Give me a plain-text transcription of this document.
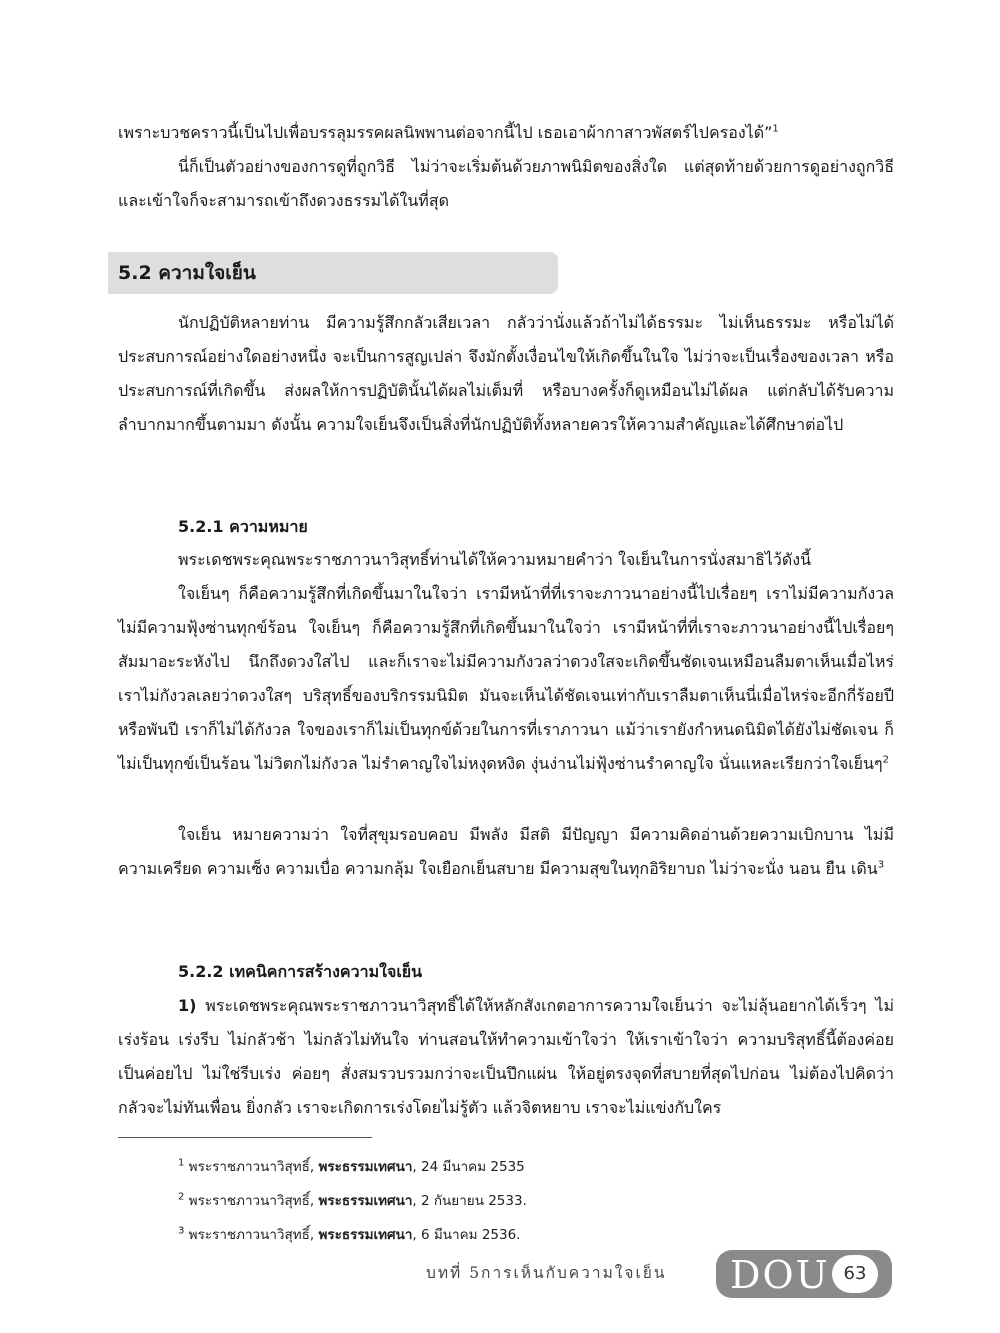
เพราะบวชคราวนี้เป็นไปเพื่อบรรลุมรรคผลนิพพานต่อจากนี้ไป เธอเอาผ้ากาสาวพัสตร์ไปครองได้”$^1$

นี่ก็เป็นตัวอย่างของการดูที่ถูกวิธี ไม่ว่าจะเริ่มต้นด้วยภาพนิมิตของสิ่งใด แต่สุดท้ายด้วยการดูอย่างถูกวิธีและเข้าใจก็จะสามารถเข้าถึงดวงธรรมได้ในที่สุด

5.2 ความใจเย็น

นักปฏิบัติหลายท่าน มีความรู้สึกกลัวเสียเวลา กลัวว่านั่งแล้วถ้าไม่ได้ธรรมะ ไม่เห็นธรรมะ หรือไม่ได้ประสบการณ์อย่างใดอย่างหนึ่ง จะเป็นการสูญเปล่า จึงมักตั้งเงื่อนไขให้เกิดขึ้นในใจ ไม่ว่าจะเป็นเรื่องของเวลา หรือประสบการณ์ที่เกิดขึ้น ส่งผลให้การปฏิบัตินั้นได้ผลไม่เต็มที่ หรือบางครั้งก็ดูเหมือนไม่ได้ผล แต่กลับได้รับความลำบากมากขึ้นตามมา ดังนั้น ความใจเย็นจึงเป็นสิ่งที่นักปฏิบัติทั้งหลายควรให้ความสำคัญและได้ศึกษาต่อไป

5.2.1 ความหมาย

พระเดชพระคุณพระราชภาวนาวิสุทธิ์ท่านได้ให้ความหมายคำว่า ใจเย็นในการนั่งสมาธิไว้ดังนี้

ใจเย็นๆ ก็คือความรู้สึกที่เกิดขึ้นมาในใจว่า เรามีหน้าที่ที่เราจะภาวนาอย่างนี้ไปเรื่อยๆ เราไม่มีความกังวล ไม่มีความฟุ้งซ่านทุกข์ร้อน ใจเย็นๆ ก็คือความรู้สึกที่เกิดขึ้นมาในใจว่า เรามีหน้าที่ที่เราจะภาวนาอย่างนี้ไปเรื่อยๆ สัมมาอะระหังไป นึกถึงดวงใสไป และก็เราจะไม่มีความกังวลว่าดวงใสจะเกิดขึ้นชัดเจนเหมือนลืมตาเห็นเมื่อไหร่ เราไม่กังวลเลยว่าดวงใสๆ บริสุทธิ์ของบริกรรมนิมิต มันจะเห็นได้ชัดเจนเท่ากับเราลืมตาเห็นนี่เมื่อไหร่จะอีกกี่ร้อยปีหรือพันปี เราก็ไม่ได้กังวล ใจของเราก็ไม่เป็นทุกข์ด้วยในการที่เราภาวนา แม้ว่าเรายังกำหนดนิมิตได้ยังไม่ชัดเจน ก็ไม่เป็นทุกข์เป็นร้อน ไม่วิตกไม่กังวล ไม่รำคาญใจไม่หงุดหงิด งุ่นง่านไม่ฟุ้งซ่านรำคาญใจ นั่นแหละเรียกว่าใจเย็นๆ$^2$

ใจเย็น หมายความว่า ใจที่สุขุมรอบคอบ มีพลัง มีสติ มีปัญญา มีความคิดอ่านด้วยความเบิกบาน ไม่มีความเครียด ความเซ็ง ความเบื่อ ความกลุ้ม ใจเยือกเย็นสบาย มีความสุขในทุกอิริยาบถ ไม่ว่าจะนั่ง นอน ยืน เดิน$^3$

5.2.2 เทคนิคการสร้างความใจเย็น

1) พระเดชพระคุณพระราชภาวนาวิสุทธิ์ได้ให้หลักสังเกตอาการความใจเย็นว่า จะไม่ลุ้นอยากได้เร็วๆ ไม่เร่งร้อน เร่งรีบ ไม่กลัวช้า ไม่กลัวไม่ทันใจ ท่านสอนให้ทำความเข้าใจว่า ให้เราเข้าใจว่า ความบริสุทธิ์นี้ต้องค่อยเป็นค่อยไป ไม่ใช่รีบเร่ง ค่อยๆ สั่งสมรวบรวมกว่าจะเป็นปึกแผ่น ให้อยู่ตรงจุดที่สบายที่สุดไปก่อน ไม่ต้องไปคิดว่า กลัวจะไม่ทันเพื่อน ยิ่งกลัว เราจะเกิดการเร่งโดยไม่รู้ตัว แล้วจิตหยาบ เราจะไม่แข่งกับใคร

$^1$ พระราชภาวนาวิสุทธิ์, พระธรรมเทศนา, 24 มีนาคม 2535
$^2$ พระราชภาวนาวิสุทธิ์, พระธรรมเทศนา, 2 กันยายน 2533.
$^3$ พระราชภาวนาวิสุทธิ์, พระธรรมเทศนา, 6 มีนาคม 2536.
บทที่ 5การเห็นกับความใจเย็น DOU 63
